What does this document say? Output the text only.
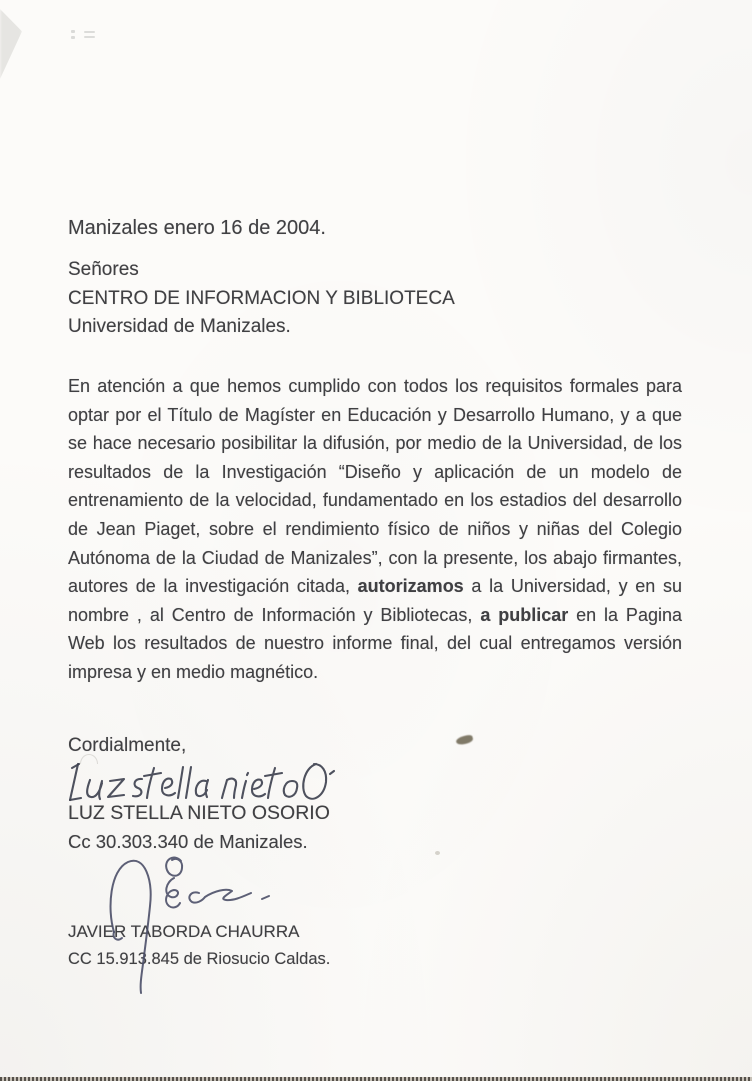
Manizales enero 16 de 2004.

Señores
CENTRO DE INFORMACION Y BIBLIOTECA
Universidad de Manizales.
En atención a que hemos cumplido con todos los requisitos formales para
optar por el Título de Magíster en Educación y Desarrollo Humano, y a que
se hace necesario posibilitar la difusión, por medio de la Universidad, de los
resultados de la Investigación “Diseño y aplicación de un modelo de
entrenamiento de la velocidad, fundamentado en los estadios del desarrollo
de Jean Piaget, sobre el rendimiento físico de niños y niñas del Colegio
Autónoma de la Ciudad de Manizales”, con la presente, los abajo firmantes,
autores de la investigación citada, autorizamos a la Universidad, y en su
nombre , al Centro de Información y Bibliotecas, a publicar en la Pagina
Web los resultados de nuestro informe final, del cual entregamos versión
impresa y en medio magnético.

Cordialmente,

LUZ STELLA NIETO OSORIO
Cc 30.303.340 de Manizales.
JAVIER TABORDA CHAURRA
CC 15.913.845 de Riosucio Caldas.
